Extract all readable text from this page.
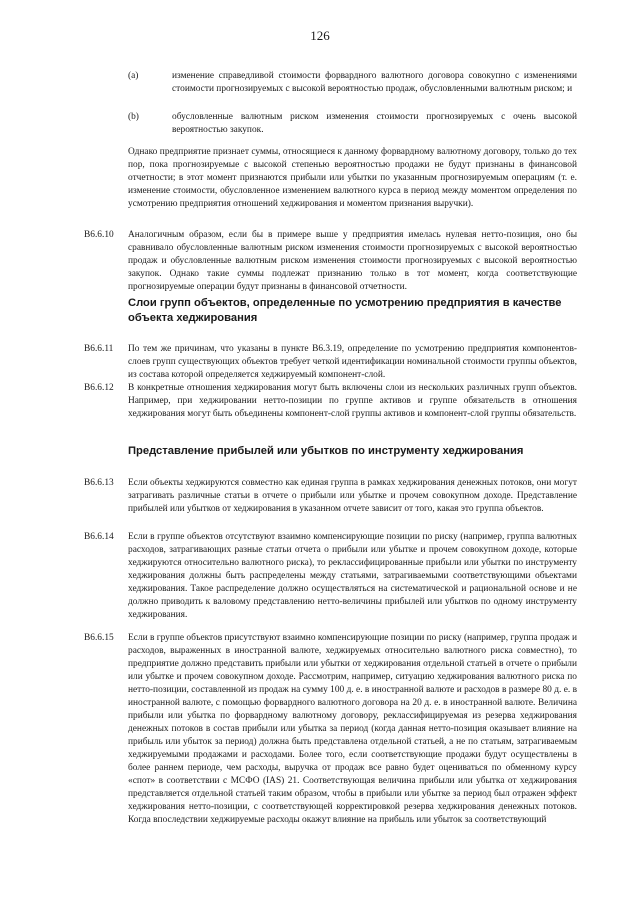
126
(a)	изменение справедливой стоимости форвардного валютного договора совокупно с изменениями стоимости прогнозируемых с высокой вероятностью продаж, обусловленными валютным риском; и

(b)	обусловленные валютным риском изменения стоимости прогнозируемых с очень высокой вероятностью закупок.

Однако предприятие признает суммы, относящиеся к данному форвардному валютному договору, только до тех пор, пока прогнозируемые с высокой степенью вероятностью продажи не будут признаны в финансовой отчетности; в этот момент признаются прибыли или убытки по указанным прогнозируемым операциям (т. е. изменение стоимости, обусловленное изменением валютного курса в период между моментом определения по усмотрению предприятия отношений хеджирования и моментом признания выручки).

B6.6.10 Аналогичным образом, если бы в примере выше у предприятия имелась нулевая нетто-позиция, оно бы сравнивало обусловленные валютным риском изменения стоимости прогнозируемых с высокой вероятностью продаж и обусловленные валютным риском изменения стоимости прогнозируемых с высокой вероятностью закупок. Однако такие суммы подлежат признанию только в тот момент, когда соответствующие прогнозируемые операции будут признаны в финансовой отчетности.

Слои групп объектов, определенные по усмотрению предприятия в качестве объекта хеджирования
B6.6.11 По тем же причинам, что указаны в пункте B6.3.19, определение по усмотрению предприятия компонентов-слоев групп существующих объектов требует четкой идентификации номинальной стоимости группы объектов, из состава которой определяется хеджируемый компонент-слой.

B6.6.12 В конкретные отношения хеджирования могут быть включены слои из нескольких различных групп объектов. Например, при хеджировании нетто-позиции по группе активов и группе обязательств в отношения хеджирования могут быть объединены компонент-слой группы активов и компонент-слой группы обязательств.

Представление прибылей или убытков по инструменту хеджирования
B6.6.13 Если объекты хеджируются совместно как единая группа в рамках хеджирования денежных потоков, они могут затрагивать различные статьи в отчете о прибыли или убытке и прочем совокупном доходе. Представление прибылей или убытков от хеджирования в указанном отчете зависит от того, какая это группа объектов.

B6.6.14 Если в группе объектов отсутствуют взаимно компенсирующие позиции по риску (например, группа валютных расходов, затрагивающих разные статьи отчета о прибыли или убытке и прочем совокупном доходе, которые хеджируются относительно валютного риска), то реклассифицированные прибыли или убытки по инструменту хеджирования должны быть распределены между статьями, затрагиваемыми соответствующими объектами хеджирования. Такое распределение должно осуществляться на систематической и рациональной основе и не должно приводить к валовому представлению нетто-величины прибылей или убытков по одному инструменту хеджирования.

B6.6.15 Если в группе объектов присутствуют взаимно компенсирующие позиции по риску (например, группа продаж и расходов, выраженных в иностранной валюте, хеджируемых относительно валютного риска совместно), то предприятие должно представить прибыли или убытки от хеджирования отдельной статьей в отчете о прибыли или убытке и прочем совокупном доходе. Рассмотрим, например, ситуацию хеджирования валютного риска по нетто-позиции, составленной из продаж на сумму 100 д. е. в иностранной валюте и расходов в размере 80 д. е. в иностранной валюте, с помощью форвардного валютного договора на 20 д. е. в иностранной валюте. Величина прибыли или убытка по форвардному валютному договору, реклассифицируемая из резерва хеджирования денежных потоков в состав прибыли или убытка за период (когда данная нетто-позиция оказывает влияние на прибыль или убыток за период) должна быть представлена отдельной статьей, а не по статьям, затрагиваемым хеджируемыми продажами и расходами. Более того, если соответствующие продажи будут осуществлены в более раннем периоде, чем расходы, выручка от продаж все равно будет оцениваться по обменному курсу «спот» в соответствии с МСФО (IAS) 21. Соответствующая величина прибыли или убытка от хеджирования представляется отдельной статьей таким образом, чтобы в прибыли или убытке за период был отражен эффект хеджирования нетто-позиции, с соответствующей корректировкой резерва хеджирования денежных потоков. Когда впоследствии хеджируемые расходы окажут влияние на прибыль или убыток за соответствующий
